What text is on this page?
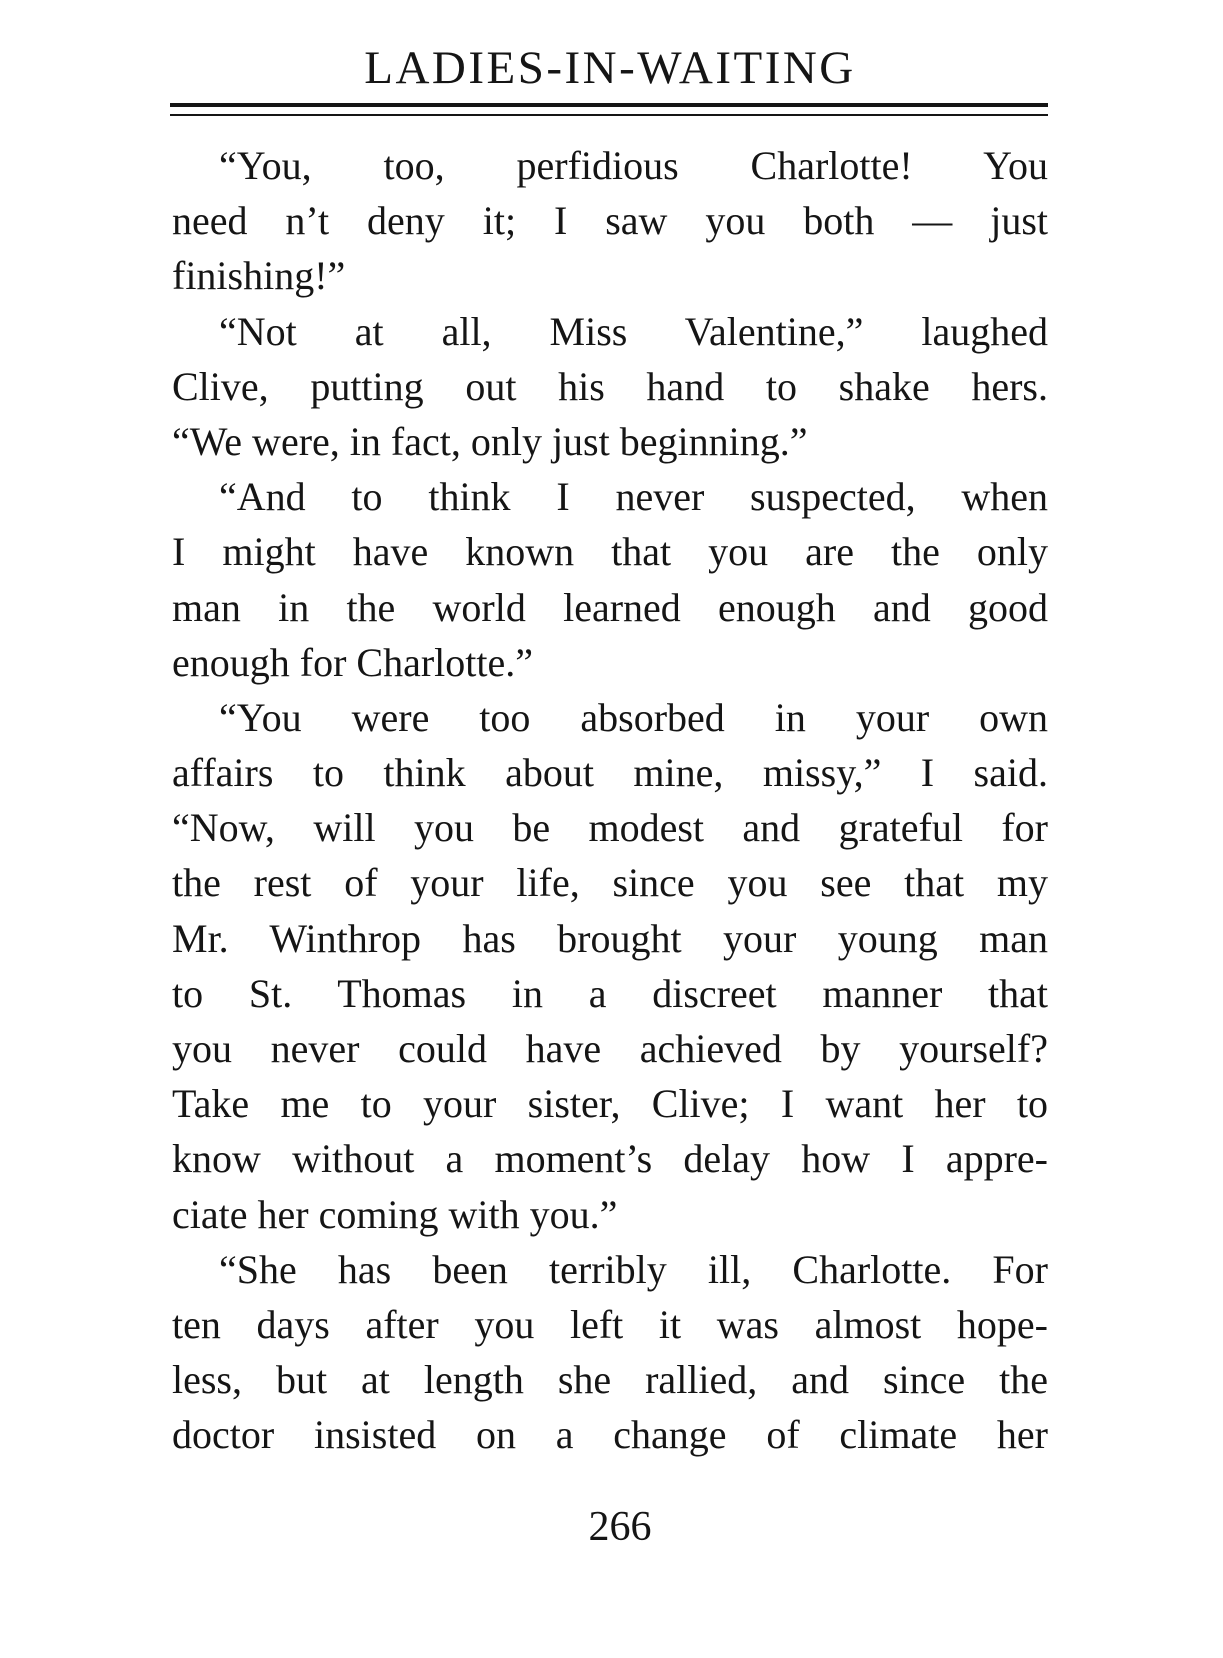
LADIES-IN-WAITING
“You, too, perfidious Charlotte! You
need n’t deny it; I saw you both — just
finishing!”
“Not at all, Miss Valentine,” laughed
Clive, putting out his hand to shake hers.
“We were, in fact, only just beginning.”
“And to think I never suspected, when
I might have known that you are the only
man in the world learned enough and good
enough for Charlotte.”
“You were too absorbed in your own
affairs to think about mine, missy,” I said.
“Now, will you be modest and grateful for
the rest of your life, since you see that my
Mr. Winthrop has brought your young man
to St. Thomas in a discreet manner that
you never could have achieved by yourself?
Take me to your sister, Clive; I want her to
know without a moment’s delay how I appre-
ciate her coming with you.”
“She has been terribly ill, Charlotte. For
ten days after you left it was almost hope-
less, but at length she rallied, and since the
doctor insisted on a change of climate her
266
